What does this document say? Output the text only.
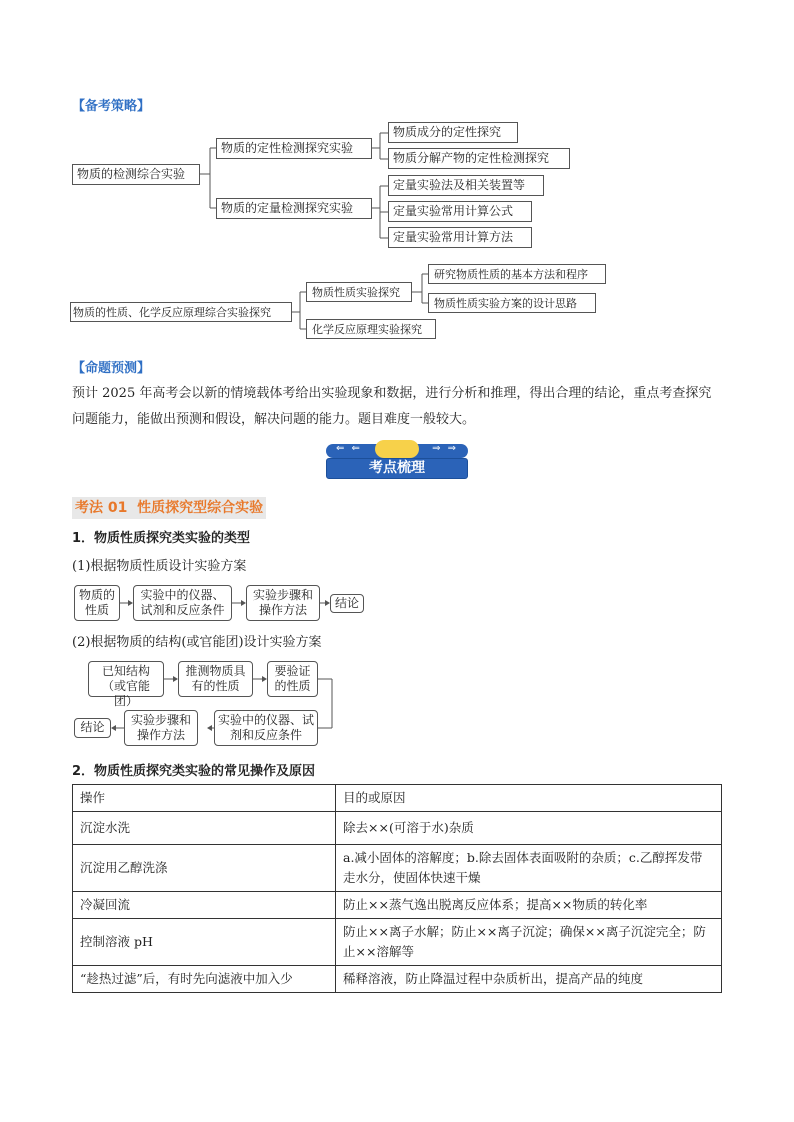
【备考策略】
物质的检测综合实验
物质的定性检测探究实验
物质成分的定性探究
物质分解产物的定性检测探究
物质的定量检测探究实验
定量实验法及相关装置等
定量实验常用计算公式
定量实验常用计算方法
物质的性质、化学反应原理综合实验探究
物质性质实验探究
研究物质性质的基本方法和程序
物质性质实验方案的设计思路
化学反应原理实验探究
【命题预测】
预计 2025 年高考会以新的情境载体考给出实验现象和数据，进行分析和推理，得出合理的结论，重点考查探究问题能力，能做出预测和假设，解决问题的能力。题目难度一般较大。
⇐ ⇐	⇒ ⇒
考点梳理
考法 01  性质探究型综合实验
1．物质性质探究类实验的类型
(1)根据物质性质设计实验方案
物质的性质
实验中的仪器、试剂和反应条件
实验步骤和操作方法	结论
(2)根据物质的结构(或官能团)设计实验方案
已知结构（或官能团）
推测物质具有的性质
要验证的性质
结论	实验步骤和操作方法
实验中的仪器、试剂和反应条件
2．物质性质探究类实验的常见操作及原因
操作	目的或原因
沉淀水洗	除去××(可溶于水)杂质
沉淀用乙醇洗涤	a.减小固体的溶解度；b.除去固体表面吸附的杂质；c.乙醇挥发带走水分，使固体快速干燥
冷凝回流	防止××蒸气逸出脱离反应体系；提高××物质的转化率
控制溶液 pH	防止××离子水解；防止××离子沉淀；确保××离子沉淀完全；防止××溶解等
“趁热过滤”后，有时先向滤液中加入少	稀释溶液，防止降温过程中杂质析出，提高产品的纯度
